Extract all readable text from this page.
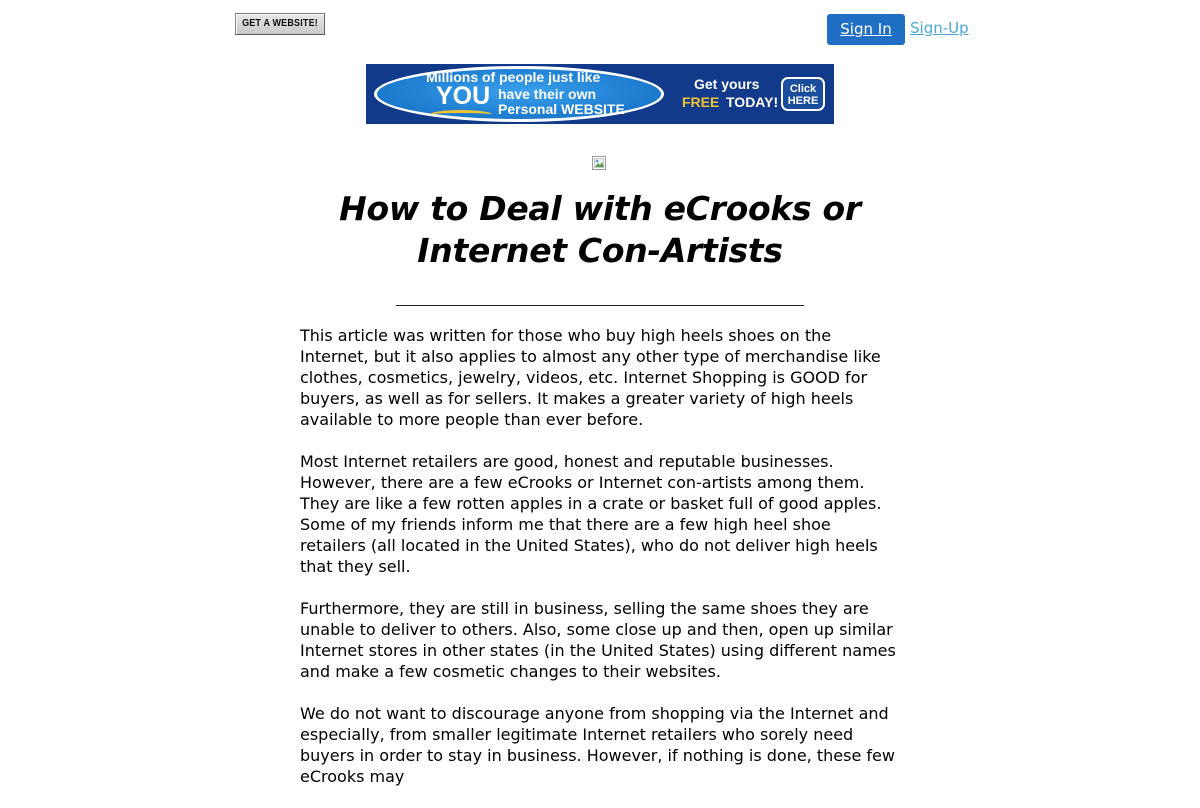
GET A WEBSITE!	Sign In	Sign-Up
Millions of people just like
YOU have their own
Personal WEBSITE
Get yours
FREE TODAY!
Click
HERE
How to Deal with eCrooks or Internet Con-Artists

This article was written for those who buy high heels shoes on the Internet, but it also applies to almost any other type of merchandise like clothes, cosmetics, jewelry, videos, etc. Internet Shopping is GOOD for buyers, as well as for sellers. It makes a greater variety of high heels available to more people than ever before.

Most Internet retailers are good, honest and reputable businesses. However, there are a few eCrooks or Internet con-artists among them. They are like a few rotten apples in a crate or basket full of good apples. Some of my friends inform me that there are a few high heel shoe retailers (all located in the United States), who do not deliver high heels that they sell.

Furthermore, they are still in business, selling the same shoes they are unable to deliver to others. Also, some close up and then, open up similar Internet stores in other states (in the United States) using different names and make a few cosmetic changes to their websites.

We do not want to discourage anyone from shopping via the Internet and especially, from smaller legitimate Internet retailers who sorely need buyers in order to stay in business. However, if nothing is done, these few eCrooks may
